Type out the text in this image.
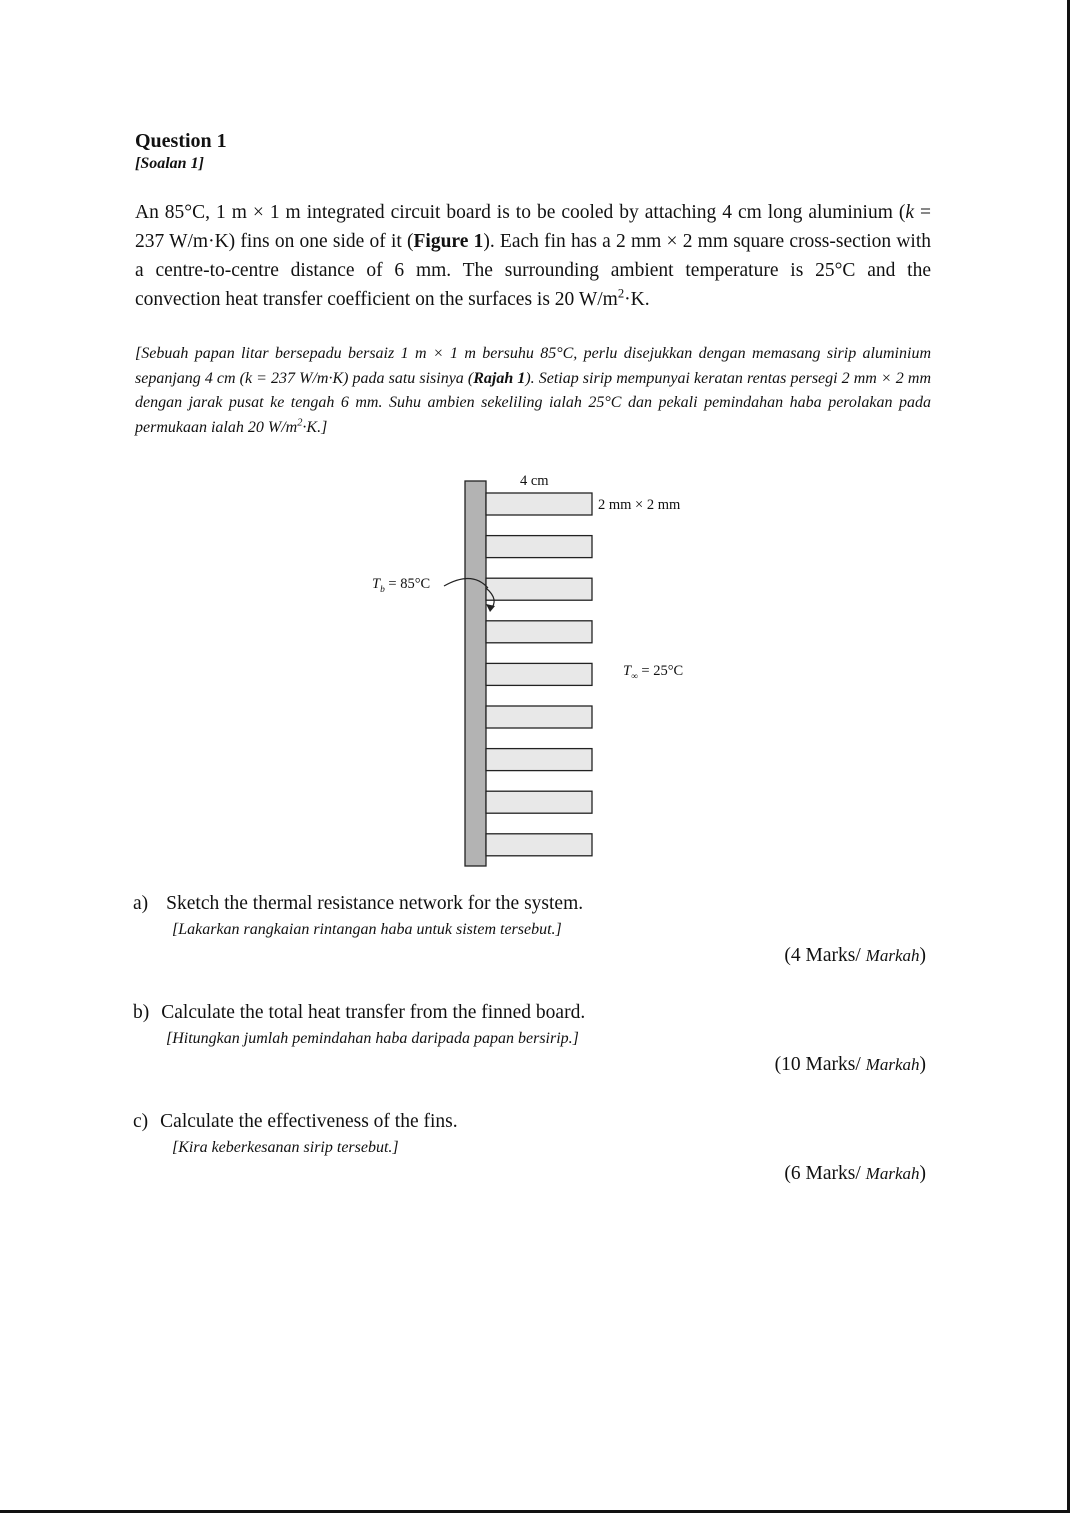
Question 1
[Soalan 1]
An 85°C, 1 m × 1 m integrated circuit board is to be cooled by attaching 4 cm long aluminium (k = 237 W/m·K) fins on one side of it (Figure 1). Each fin has a 2 mm × 2 mm square cross-section with a centre-to-centre distance of 6 mm. The surrounding ambient temperature is 25°C and the convection heat transfer coefficient on the surfaces is 20 $W/m^2\cdot K$.
[Sebuah papan litar bersepadu bersaiz 1 m × 1 m bersuhu 85°C, perlu disejukkan dengan memasang sirip aluminium sepanjang 4 cm (k = 237 W/m·K) pada satu sisinya (Rajah 1). Setiap sirip mempunyai keratan rentas persegi 2 mm × 2 mm dengan jarak pusat ke tengah 6 mm. Suhu ambien sekeliling ialah 25°C dan pekali pemindahan haba perolakan pada permukaan ialah 20 $W/m^2\cdot K$.]
4 cm
2 mm × 2 mm
$T_b = 85^\circ C$
$T_\infty = 25^\circ C$
a) Sketch the thermal resistance network for the system.
[Lakarkan rangkaian rintangan haba untuk sistem tersebut.]
(4 Marks/ Markah)
b) Calculate the total heat transfer from the finned board.
[Hitungkan jumlah pemindahan haba daripada papan bersirip.]
(10 Marks/ Markah)
c) Calculate the effectiveness of the fins.
[Kira keberkesanan sirip tersebut.]
(6 Marks/ Markah)
